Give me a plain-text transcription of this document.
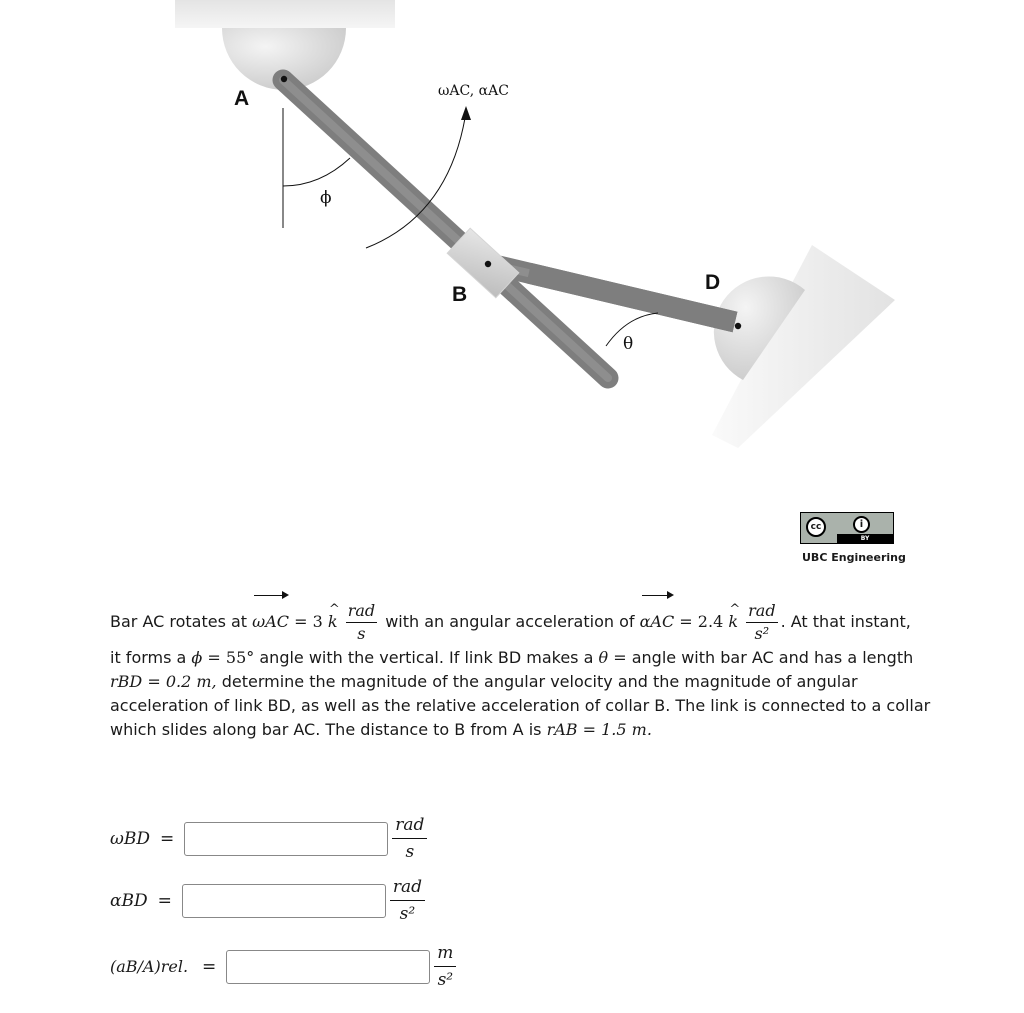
A
B
D
ϕ
θ
ωAC, αAC
cc	i
BY
UBC Engineering
Bar AC rotates at ωAC = 3 ^ k $\frac{\text{rad}}{s}$ with an angular acceleration of αAC = 2.4 ^ k $\frac{\text{rad}}{\text{s²}}$ . At that instant,
it forms a ϕ = 55° angle with the vertical. If link BD makes a θ = angle with bar AC and has a length
rBD = 0.2 m, determine the magnitude of the angular velocity and the magnitude of angular
acceleration of link BD, as well as the relative acceleration of collar B. The link is connected to a collar
which slides along bar AC. The distance to B from A is rAB = 1.5 m.
ωBD =	$\frac{\text{rad}}{s}$
αBD =	$\frac{\text{rad}}{\text{s²}}$
(aB/A)rel. =	$\frac{m}{\text{s²}}$
